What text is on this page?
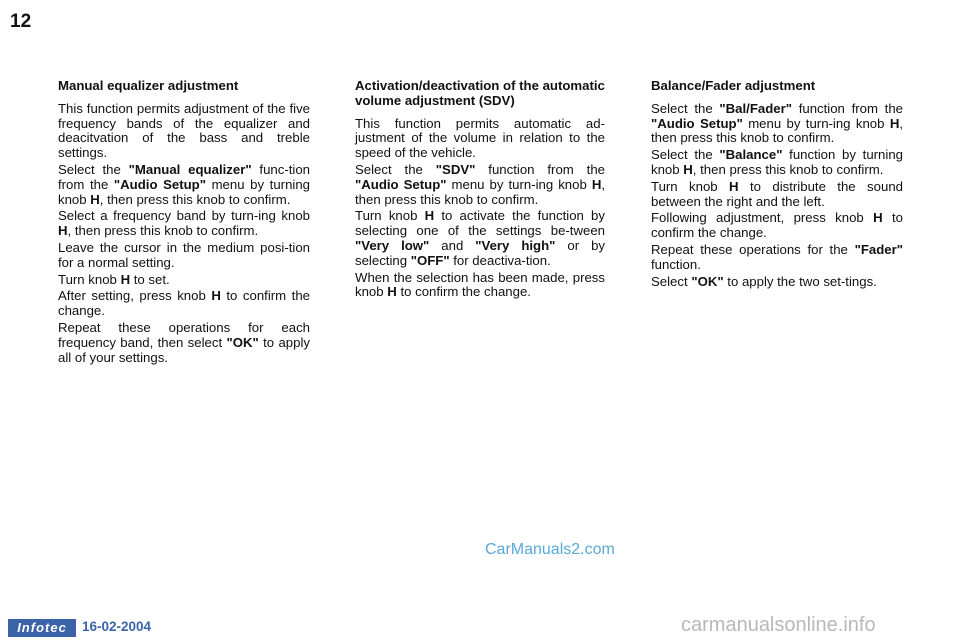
12
Manual equalizer adjustment

This function permits adjustment of the five frequency bands of the equalizer and deacitvation of the bass and treble settings.

Select the "Manual equalizer" func-tion from the "Audio Setup" menu by turning knob H, then press this knob to confirm.

Select a frequency band by turn-ing knob H, then press this knob to confirm.

Leave the cursor in the medium posi-tion for a normal setting.

Turn knob H to set.

After setting, press knob H to confirm the change.

Repeat these operations for each frequency band, then select "OK" to apply all of your settings.

Activation/deactivation of the automatic volume adjustment (SDV)

This function permits automatic ad-justment of the volume in relation to the speed of the vehicle.

Select the "SDV" function from the "Audio Setup" menu by turn-ing knob H, then press this knob to confirm.

Turn knob H to activate the function by selecting one of the settings be-tween "Very low" and "Very high" or by selecting "OFF" for deactiva-tion.

When the selection has been made, press knob H to confirm the change.

Balance/Fader adjustment

Select the "Bal/Fader" function from the "Audio Setup" menu by turn-ing knob H, then press this knob to confirm.

Select the "Balance" function by turning knob H, then press this knob to confirm.

Turn knob H to distribute the sound between the right and the left.

Following adjustment, press knob H to confirm the change.

Repeat these operations for the "Fader" function.

Select "OK" to apply the two set-tings.

CarManuals2.com
Infotec	16-02-2004	carmanualsonline.info
